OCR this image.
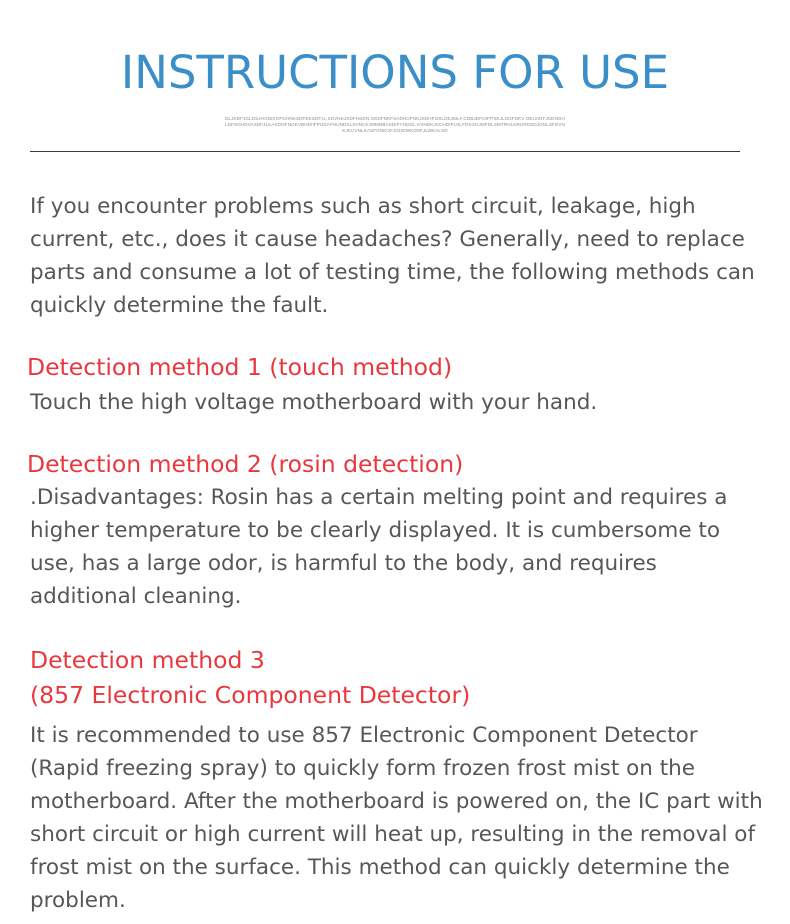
INSTRUCTIONS FOR USE
DLJKDFJGLDSJHGDIKOFGHNKSDFEKSDF.IL,SDVNKJSDFHSDN,GEDFNKFSADHUFNKJSDHFOSLDEJMLF.CDBJDFOIFPSEJLGNFDKV OEUADFJSDNGHLDFSGHDVASDFJLKASDGFNOKVBHDIIFPUDAFHUNDSLSVNCKJMMNBASDIFYHDGL KVNDKJVCHDIFUJLFDSGHJMFDLSMTRHLKRURDSDJGNLSFDVNKJKCVNLKASFGNKOFJGHDWKDSFJLWKALSD

If you encounter problems such as short circuit, leakage, high current, etc., does it cause headaches? Generally, need to replace parts and consume a lot of testing time, the following methods can quickly determine the fault.

Detection method 1 (touch method)

Touch the high voltage motherboard with your hand.

Detection method 2 (rosin detection)

.Disadvantages: Rosin has a certain melting point and requires a higher temperature to be clearly displayed. It is cumbersome to use, has a large odor, is harmful to the body, and requires additional cleaning.

Detection method 3
(857 Electronic Component Detector)

It is recommended to use 857 Electronic Component Detector (Rapid freezing spray) to quickly form frozen frost mist on the motherboard. After the motherboard is powered on, the IC part with short circuit or high current will heat up, resulting in the removal of frost mist on the surface. This method can quickly determine the problem.
